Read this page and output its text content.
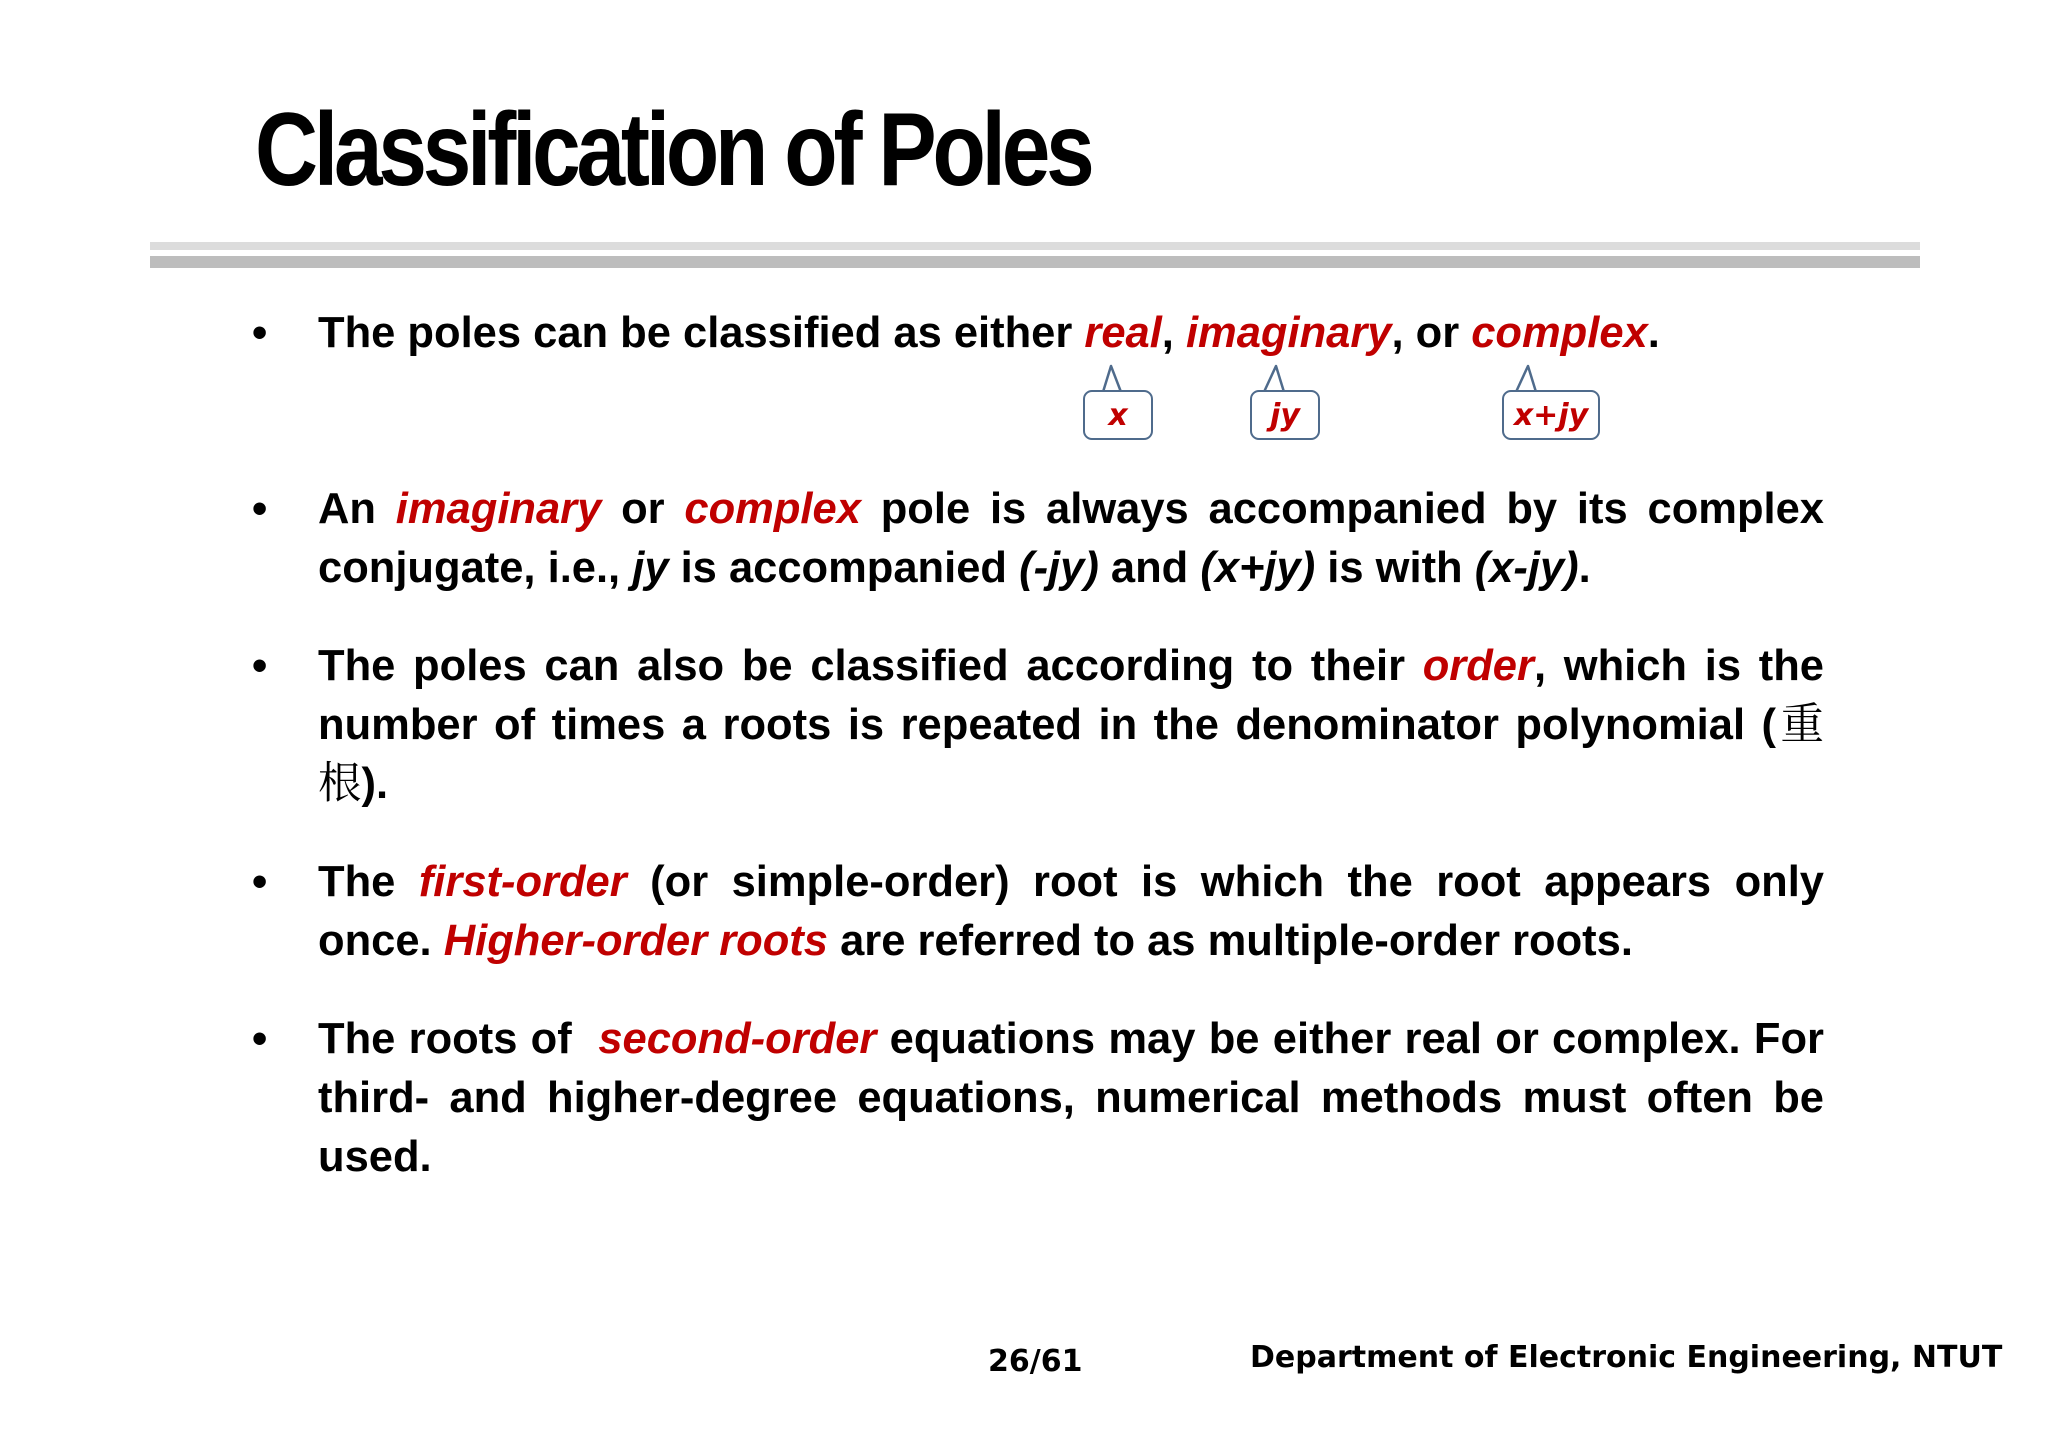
Classification of Poles
• The poles can be classified as either real, imaginary, or complex.
x	jy	x+jy
• An imaginary or complex pole is always accompanied by its complex conjugate, i.e., jy is accompanied (-jy) and (x+jy) is with (x-jy).
• The poles can also be classified according to their order, which is the number of times a roots is repeated in the denominator polynomial (重根).
• The first-order (or simple-order) root is which the root appears only once. Higher-order roots are referred to as multiple-order roots.
• The roots of  second-order equations may be either real or complex. For third- and higher-degree equations, numerical methods must often be used.
26/61	Department of Electronic Engineering, NTUT
